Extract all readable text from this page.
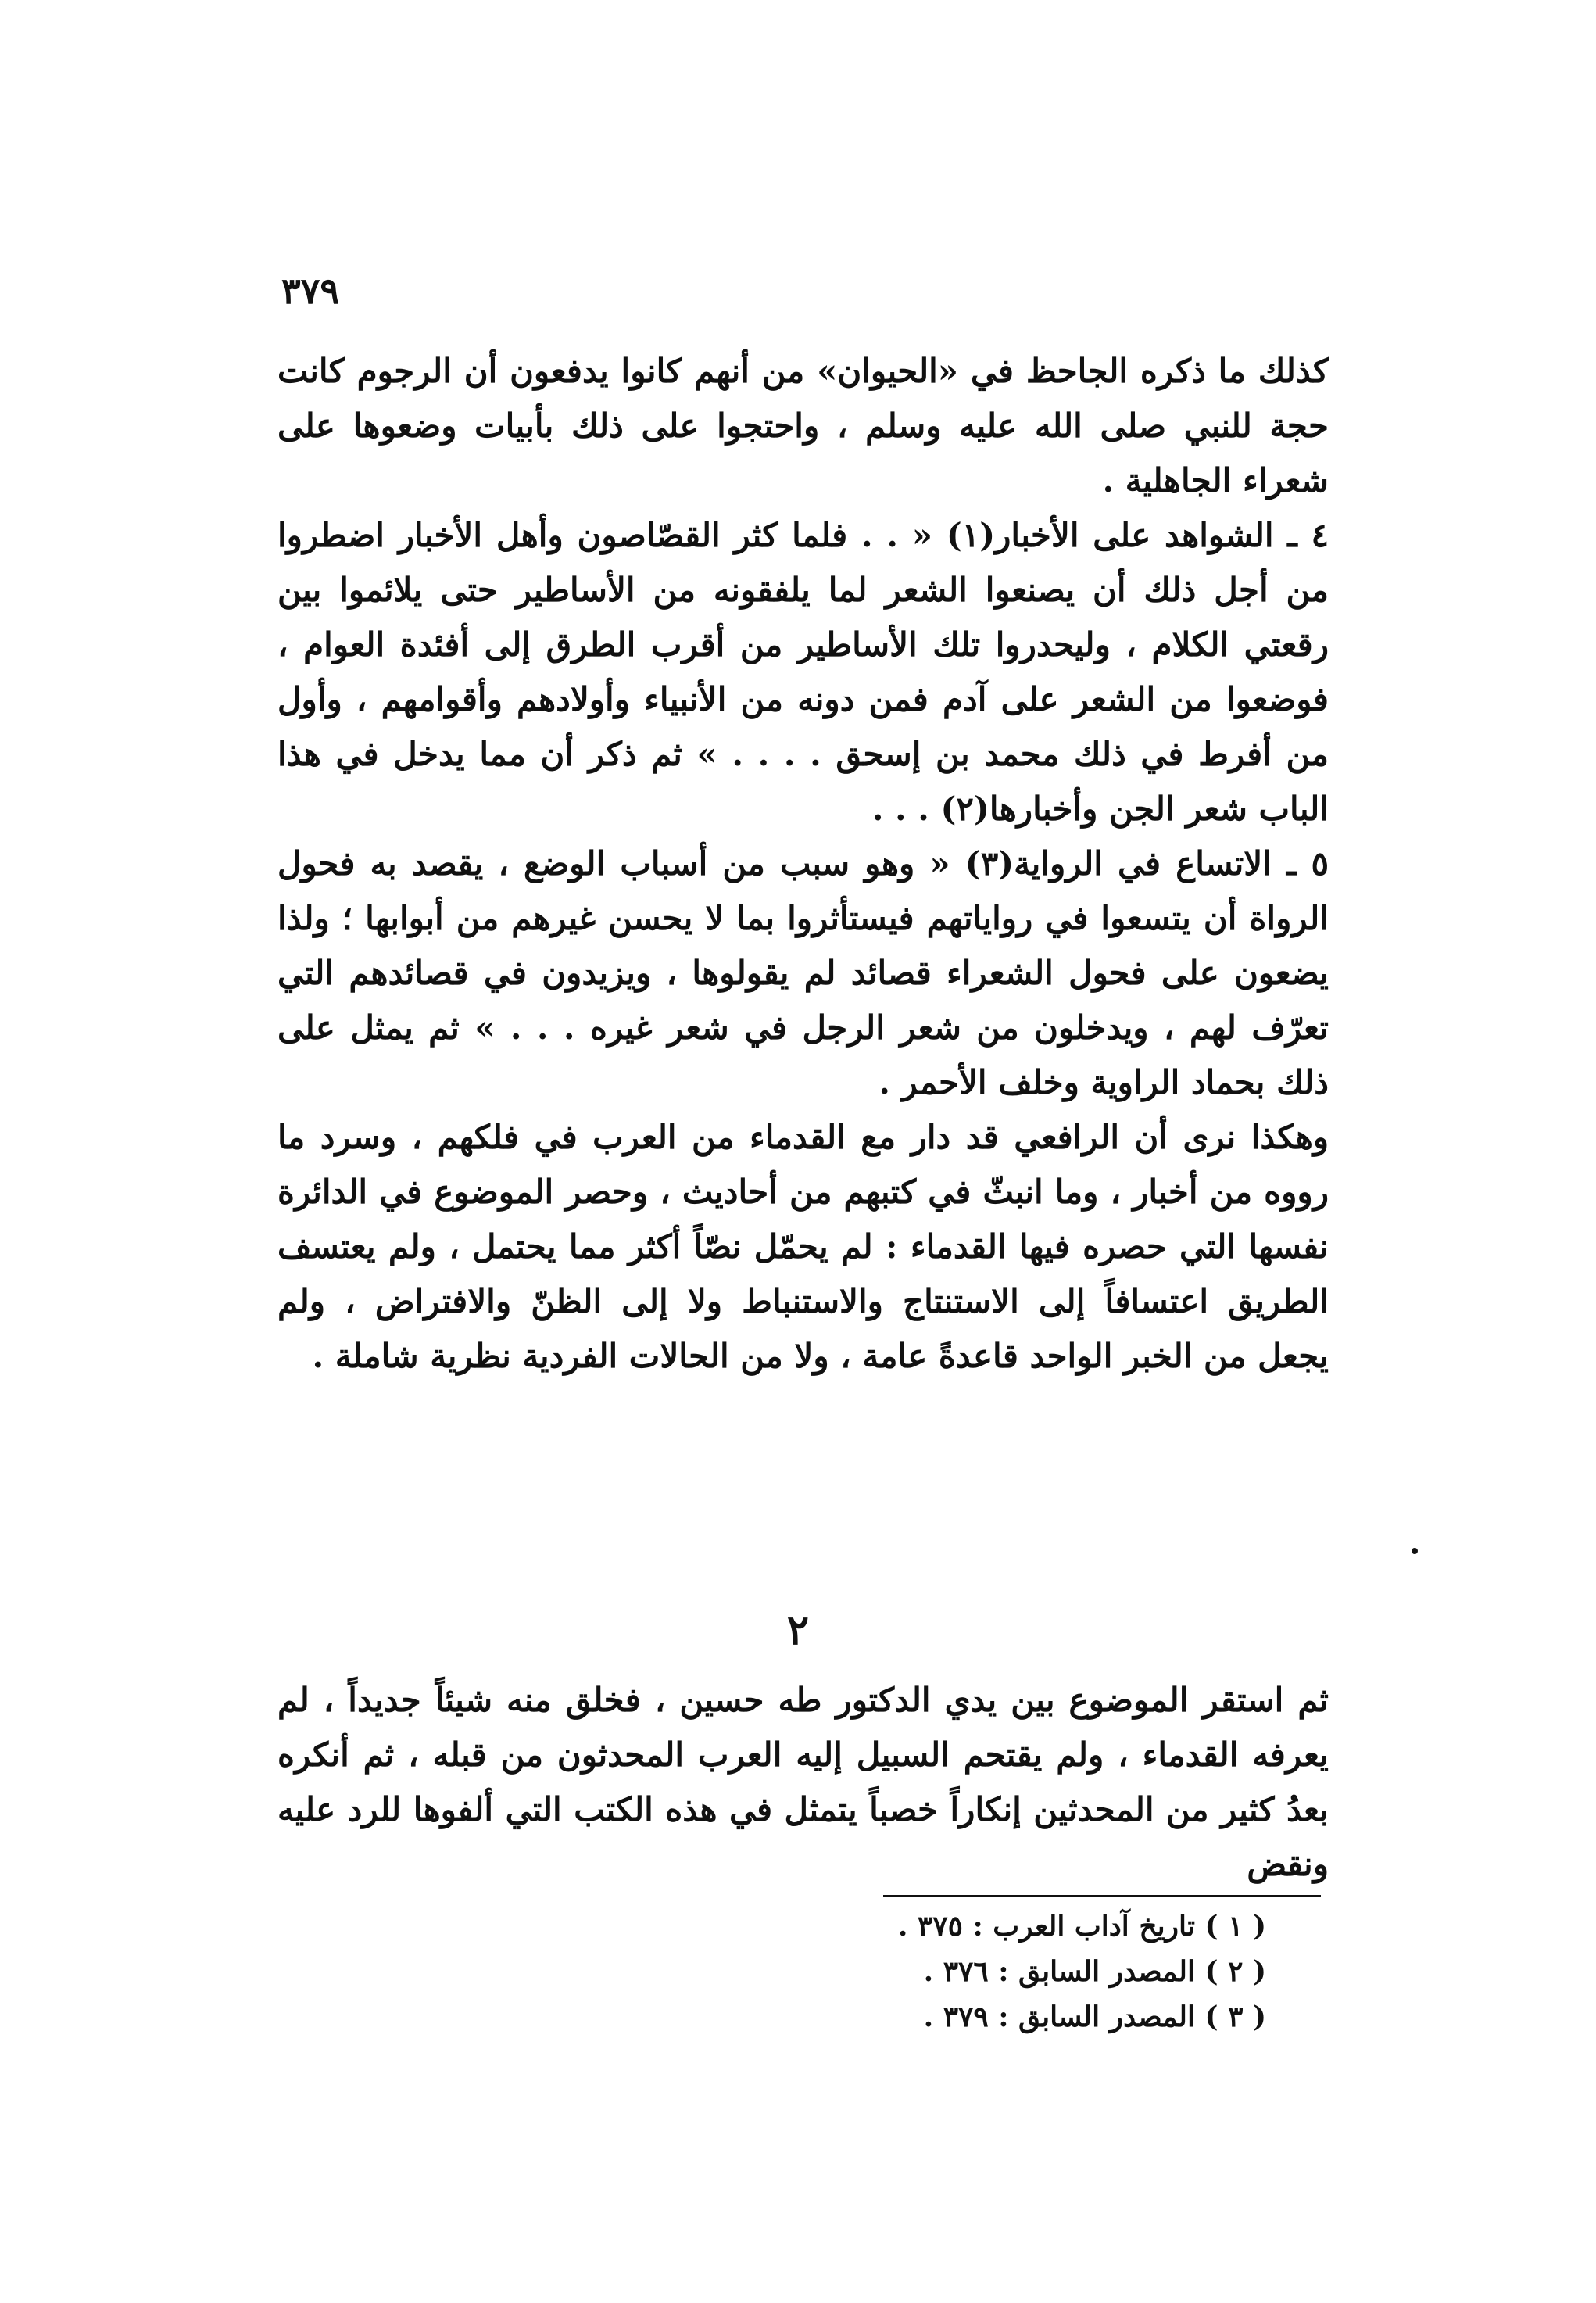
٣٧٩

كذلك ما ذكره الجاحظ في «الحيوان» من أنهم كانوا يدفعون أن الرجوم كانت حجة للنبي صلى الله عليه وسلم ، واحتجوا على ذلك بأبيات وضعوها على شعراء الجاهلية .

٤ ـ الشواهد على الأخبار(١) « . . فلما كثر القصّاصون وأهل الأخبار اضطروا من أجل ذلك أن يصنعوا الشعر لما يلفقونه من الأساطير حتى يلائموا بين رقعتي الكلام ، وليحدروا تلك الأساطير من أقرب الطرق إلى أفئدة العوام ، فوضعوا من الشعر على آدم فمن دونه من الأنبياء وأولادهم وأقوامهم ، وأول من أفرط في ذلك محمد بن إسحق . . . . » ثم ذكر أن مما يدخل في هذا الباب شعر الجن وأخبارها(٢) . . .

٥ ـ الاتساع في الرواية(٣) « وهو سبب من أسباب الوضع ، يقصد به فحول الرواة أن يتسعوا في رواياتهم فيستأثروا بما لا يحسن غيرهم من أبوابها ؛ ولذا يضعون على فحول الشعراء قصائد لم يقولوها ، ويزيدون في قصائدهم التي تعرّف لهم ، ويدخلون من شعر الرجل في شعر غيره . . . » ثم يمثل على ذلك بحماد الراوية وخلف الأحمر .

وهكذا نرى أن الرافعي قد دار مع القدماء من العرب في فلكهم ، وسرد ما رووه من أخبار ، وما انبثّ في كتبهم من أحاديث ، وحصر الموضوع في الدائرة نفسها التي حصره فيها القدماء : لم يحمّل نصّاً أكثر مما يحتمل ، ولم يعتسف الطريق اعتسافاً إلى الاستنتاج والاستنباط ولا إلى الظنّ والافتراض ، ولم يجعل من الخبر الواحد قاعدةً عامة ، ولا من الحالات الفردية نظرية شاملة .

٢

ثم استقر الموضوع بين يدي الدكتور طه حسين ، فخلق منه شيئاً جديداً ، لم يعرفه القدماء ، ولم يقتحم السبيل إليه العرب المحدثون من قبله ، ثم أنكره بعدُ كثير من المحدثين إنكاراً خصباً يتمثل في هذه الكتب التي ألفوها للرد عليه ونقض

( ١ ) تاريخ آداب العرب : ٣٧٥ .
( ٢ ) المصدر السابق : ٣٧٦ .
( ٣ ) المصدر السابق : ٣٧٩ .
